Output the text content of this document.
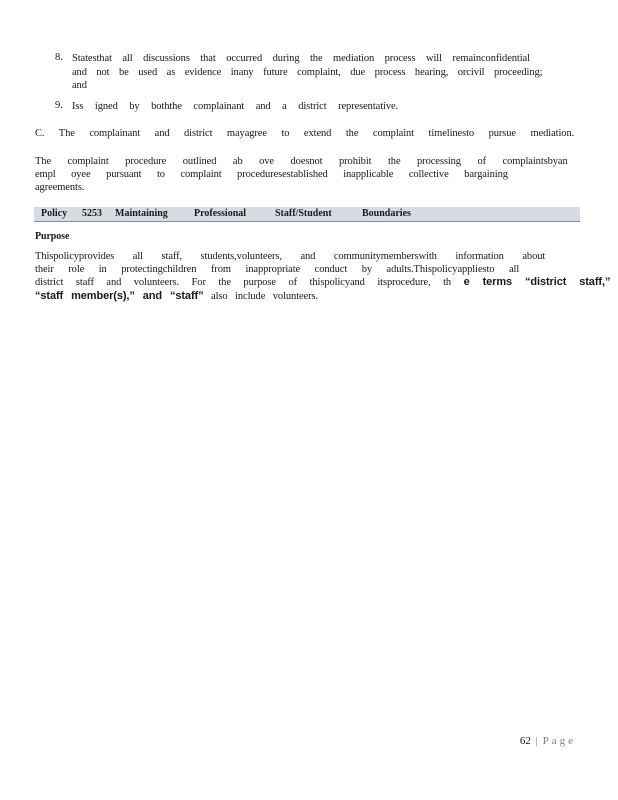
8. Statesthat all discussions that occurred during the mediation process will remainconfidential
and not be used as evidence inany future complaint, due process hearing, orcivil proceeding;
and
9. Iss igned by boththe complainant and a district representative.
C. The complainant and district mayagree to extend the complaint timelinesto pursue mediation.
The complaint procedure outlined ab ove doesnot prohibit the processing of complaintsbyan
empl oyee pursuant to complaint proceduresestablished inapplicable collective bargaining
agreements.
Policy 5253 Maintaining	Professional	Staff/Student	Boundaries
Purpose
Thispolicyprovides all staff, students,volunteers, and communitymemberswith information about
their role in protectingchildren from inappropriate conduct by adults.Thispolicyappliesto all
district staff and volunteers. For the purpose of thispolicyand itsprocedure, th e terms “district staff,”
“staff member(s),” and “staff” also include volunteers.
62 | Page
